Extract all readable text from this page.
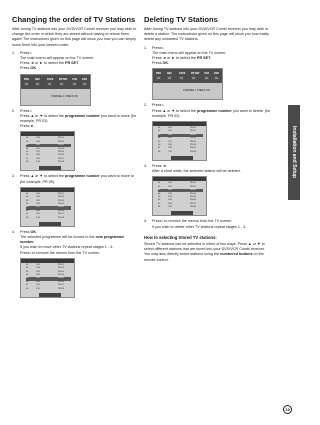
Changing the order of TV Stations

After tuning TV stations into your DVD/VCR Combi receiver you may wish to change the order in which they are stored without having to retune them again! The instructions given on this page will show you how you can simply move them into your desired order.

1.	Press i.

The main menu will appear on the TV screen.

Press ◄ or ► to select the PR SET.

Press OK.

PRG REC	DATE PR SET VCR DVD
CHANNEL 1 CHECK ON
2.	Press i.

Press ▲ or ▼ to select the programme number you want to move (for example, PR 03).

Press ►.

01	C03	PR-01
02	C04	PR-02
03	C05	PR-03
04	C06	PR-04
05	C07	PR-05
06	C08	PR-06
07	C09	PR-07
08	C10	PR-08
3.	Press ▲ or ▼ to select the programme number you want to move to (for example, PR 05).

01	C03	PR-01
02	C04	PR-02
03	C05	PR-03
04	C06	PR-04
05	C07	PR-05
06	C08	PR-06
07	C09	PR-07
08	C10	PR-08
4.	Press OK.

The selected programme will be moved to the new programme number.

If you wish to move other TV stations repeat stages 1 - 4.

Press i to remove the menus from the TV screen.

01	C03	PR-01
02	C04	PR-02
03	C05	PR-03
04	C06	PR-04
05	C07	PR-05
06	C08	PR-06
07	C09	PR-07
08	C10	PR-08
Deleting TV Stations

After tuning TV stations into your DVD/VCR Combi receiver you may wish to delete a station. The instructions given on this page will show you how easily delete any unwanted TV stations.

1.	Press i.

The main menu will appear on the TV screen.

Press ◄ or ► to select the PR SET.

Press OK.

PRG REC	DATE PR SET VCR DVD
CHANNEL 1 CHECK ON
2.	Press i.

Press ▲ or ▼ to select the programme number you want to delete. (for example, PR 03).

01	C03	PR-01
02	C04	PR-02
03	C05	PR-03
04	C06	PR-04
05	C07	PR-05
06	C08	PR-06
07	C09	PR-07
08	C10	PR-08
3.	Press ◄.

After a short while, the selected station will be deleted.

01	C03	PR-01
02	C04	PR-02
03	C05	PR-03
04	C06	PR-04
05	C07	PR-05
06	C08	PR-06
07	C09	PR-07
08	C10	PR-08
4.	Press i to remove the menus from the TV screen.

If you wish to delete other TV stations repeat stages 1 - 3.

How to selecting Stored TV stations:

Stored TV stations can be selected in either of two ways. Press ▲ or ▼ to select different stations that are tuned into your DVD/VCR Combi receiver. You may also directly select stations using the numbered buttons on the remote control.

Installation and Setup
19
